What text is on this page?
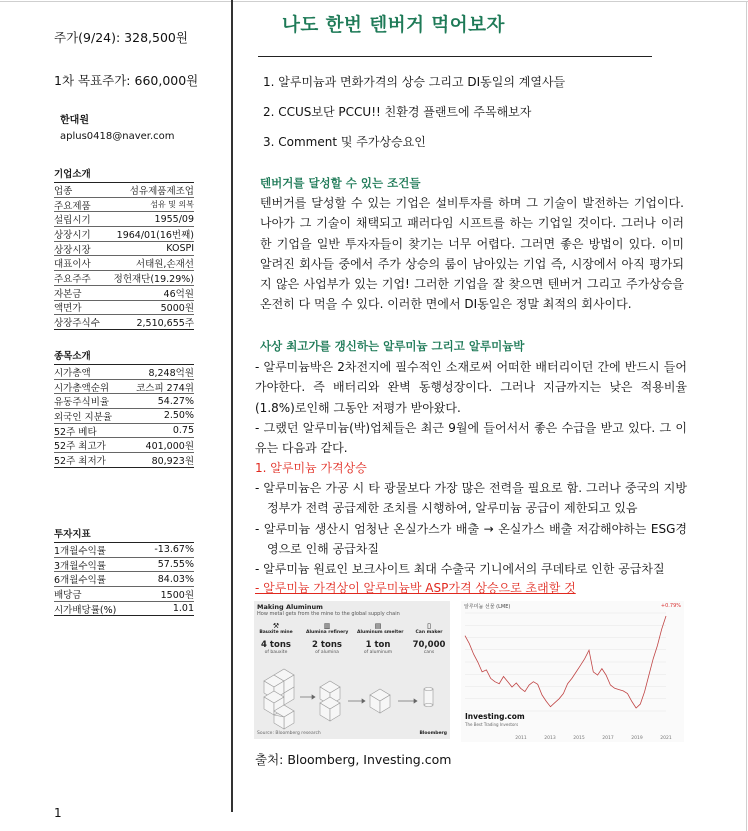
주가(9/24): 328,500원
1차 목표주가: 660,000원
한대원
aplus0418@naver.com
기업소개
업종	섬유제품제조업
주요제품	섬유 및 의복
설립시기	1955/09
상장시기	1964/01(16번째)
상장시장	KOSPI
대표이사	서태원,손재선
주요주주 정헌재단(19.29%)
자본금	46억원
액면가	5000원
상장주식수	2,510,655주
종목소개
시가총액	8,248억원
시가총액순위	코스피 274위
유동주식비율	54.27%
외국인 지분율	2.50%
52주 베타	0.75
52주 최고가	401,000원
52주 최저가	80,923원
투자지표
1개월수익률	-13.67%
3개월수익률	57.55%
6개월수익률	84.03%
배당금	1500원
시가배당률(%)	1.01
1
나도 한번 텐버거 먹어보자
1. 알루미늄과 면화가격의 상승 그리고 DI동일의 계열사들
2. CCUS보단 PCCU!! 친환경 플랜트에 주목해보자
3. Comment 및 주가상승요인
텐버거를 달성할 수 있는 조건들
텐버거를 달성할 수 있는 기업은 설비투자를 하며 그 기술이 발전하는 기업이다. 나아가 그 기술이 채택되고 패러다임 시프트를 하는 기업일 것이다. 그러나 이러한 기업을 일반 투자자들이 찾기는 너무 어렵다. 그러면 좋은 방법이 있다. 이미 알려진 회사들 중에서 주가 상승의 룸이 남아있는 기업 즉, 시장에서 아직 평가되지 않은 사업부가 있는 기업! 그러한 기업을 잘 찾으면 텐버거 그리고 주가상승을 온전히 다 먹을 수 있다. 이러한 면에서 DI동일은 정말 최적의 회사이다.
사상 최고가를 갱신하는 알루미늄 그리고 알루미늄박
- 알루미늄박은 2차전지에 필수적인 소재로써 어떠한 배터리이던 간에 반드시 들어가야한다. 즉 배터리와 완벽 동행성장이다. 그러나 지금까지는 낮은 적용비율(1.8%)로인해 그동안 저평가 받아왔다.
- 그랬던 알루미늄(박)업체들은 최근 9월에 들어서서 좋은 수급을 받고 있다. 그 이유는 다음과 같다.
1. 알루미늄 가격상승
- 알루미늄은 가공 시 타 광물보다 가장 많은 전력을 필요로 함. 그러나 중국의 지방정부가 전력 공급제한 조치를 시행하여, 알루미늄 공급이 제한되고 있음
- 알루미늄 생산시 엄청난 온실가스가 배출 → 온실가스 배출 저감해야하는 ESG경영으로 인해 공급차질
- 알루미늄 원료인 보크사이트 최대 수출국 기니에서의 쿠데타로 인한 공급차질
- 알루미늄 가격상이 알루미늄박 ASP가격 상승으로 초래할 것
Making Aluminum
How metal gets from the mine to the global supply chain
⚒
Bauxite mine
4 tons
of bauxite
▥
Alumina refinery
2 tons
of alumina
▤
Aluminum smelter
1 ton
of aluminum
▯
Can maker
70,000
cans
Source: Bloomberg research	Bloomberg
알루미늄 선물 (LME)	+0.79%
2011	2013	2015	2017	2019	2021
Investing.com
The Best Trading Investors
출처: Bloomberg, Investing.com
